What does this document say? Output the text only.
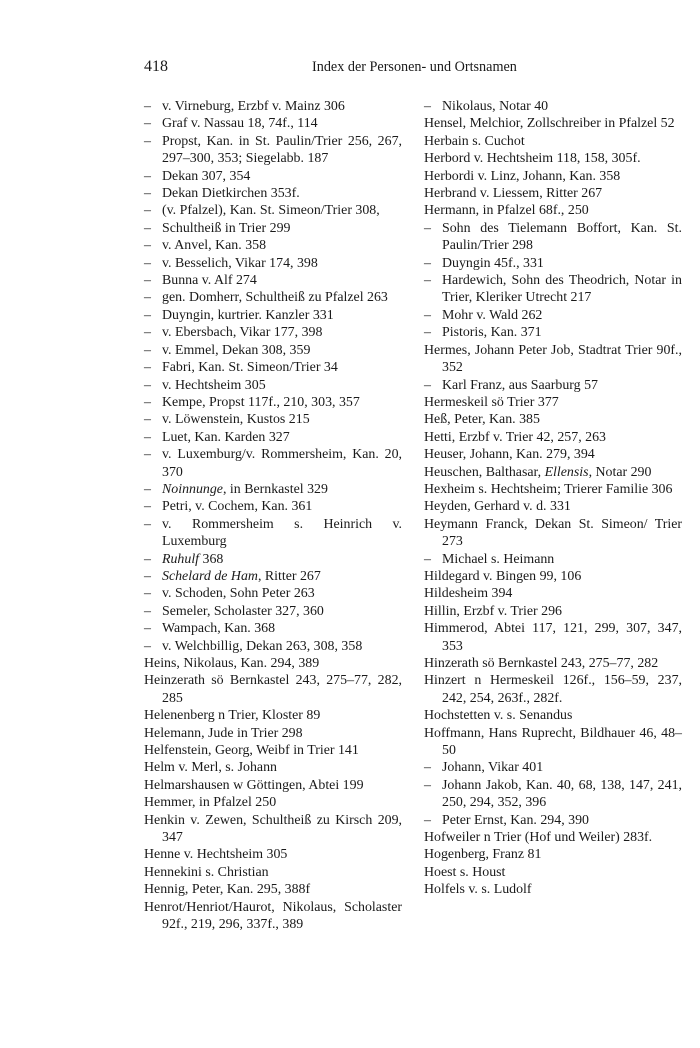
418	Index der Personen- und Ortsnamen

– v. Virneburg, Erzbf v. Mainz 306

– Graf v. Nassau 18, 74f., 114

– Propst, Kan. in St. Paulin/Trier 256, 267, 297–300, 353; Siegelabb. 187

– Dekan 307, 354

– Dekan Dietkirchen 353f.

– (v. Pfalzel), Kan. St. Simeon/Trier 308,

– Schultheiß in Trier 299

– v. Anvel, Kan. 358

– v. Besselich, Vikar 174, 398

– Bunna v. Alf 274

– gen. Domherr, Schultheiß zu Pfalzel 263

– Duyngin, kurtrier. Kanzler 331

– v. Ebersbach, Vikar 177, 398

– v. Emmel, Dekan 308, 359

– Fabri, Kan. St. Simeon/Trier 34

– v. Hechtsheim 305

– Kempe, Propst 117f., 210, 303, 357

– v. Löwenstein, Kustos 215

– Luet, Kan. Karden 327

– v. Luxemburg/v. Rommersheim, Kan. 20, 370

– Noinnunge, in Bernkastel 329

– Petri, v. Cochem, Kan. 361

– v. Rommersheim s. Heinrich v. Luxemburg

– Ruhulf 368

– Schelard de Ham, Ritter 267

– v. Schoden, Sohn Peter 263

– Semeler, Scholaster 327, 360

– Wampach, Kan. 368

– v. Welchbillig, Dekan 263, 308, 358

Heins, Nikolaus, Kan. 294, 389

Heinzerath sö Bernkastel 243, 275–77, 282, 285

Helenenberg n Trier, Kloster 89

Helemann, Jude in Trier 298

Helfenstein, Georg, Weibf in Trier 141

Helm v. Merl, s. Johann

Helmarshausen w Göttingen, Abtei 199

Hemmer, in Pfalzel 250

Henkin v. Zewen, Schultheiß zu Kirsch 209, 347

Henne v. Hechtsheim 305

Hennekini s. Christian

Hennig, Peter, Kan. 295, 388f

Henrot/Henriot/Haurot, Nikolaus, Scholaster 92f., 219, 296, 337f., 389

– Nikolaus, Notar 40

Hensel, Melchior, Zollschreiber in Pfalzel 52

Herbain s. Cuchot

Herbord v. Hechtsheim 118, 158, 305f.

Herbordi v. Linz, Johann, Kan. 358

Herbrand v. Liessem, Ritter 267

Hermann, in Pfalzel 68f., 250

– Sohn des Tielemann Boffort, Kan. St. Paulin/Trier 298

– Duyngin 45f., 331

– Hardewich, Sohn des Theodrich, Notar in Trier, Kleriker Utrecht 217

– Mohr v. Wald 262

– Pistoris, Kan. 371

Hermes, Johann Peter Job, Stadtrat Trier 90f., 352

– Karl Franz, aus Saarburg 57

Hermeskeil sö Trier 377

Heß, Peter, Kan. 385

Hetti, Erzbf v. Trier 42, 257, 263

Heuser, Johann, Kan. 279, 394

Heuschen, Balthasar, Ellensis, Notar 290

Hexheim s. Hechtsheim; Trierer Familie 306

Heyden, Gerhard v. d. 331

Heymann Franck, Dekan St. Simeon/ Trier 273

– Michael s. Heimann

Hildegard v. Bingen 99, 106

Hildesheim 394

Hillin, Erzbf v. Trier 296

Himmerod, Abtei 117, 121, 299, 307, 347, 353

Hinzerath sö Bernkastel 243, 275–77, 282

Hinzert n Hermeskeil 126f., 156–59, 237, 242, 254, 263f., 282f.

Hochstetten v. s. Senandus

Hoffmann, Hans Ruprecht, Bildhauer 46, 48–50

– Johann, Vikar 401

– Johann Jakob, Kan. 40, 68, 138, 147, 241, 250, 294, 352, 396

– Peter Ernst, Kan. 294, 390

Hofweiler n Trier (Hof und Weiler) 283f.

Hogenberg, Franz 81

Hoest s. Houst

Holfels v. s. Ludolf
